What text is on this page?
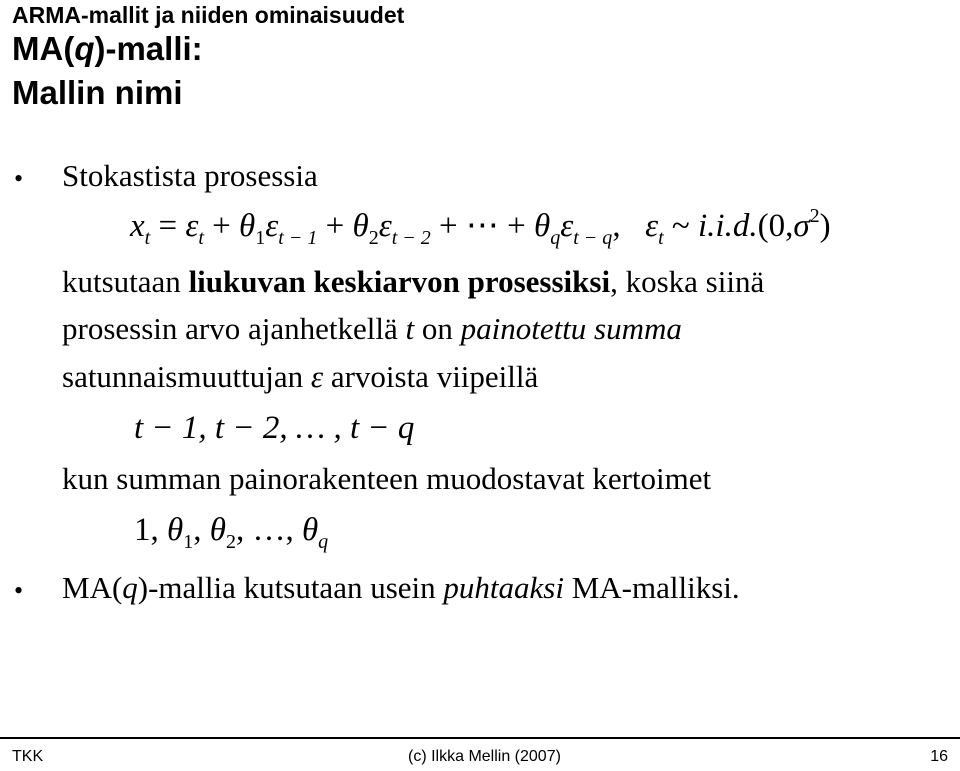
ARMA-mallit ja niiden ominaisuudet
MA(q)-malli:
Mallin nimi
• Stokastista prosessia
$x_t = \varepsilon_t + \theta_1\varepsilon_{t - 1} + \theta_2\varepsilon_{t - 2}$ + ⋯ + $\theta_q\varepsilon_{t - q}$, $\varepsilon_t$ ~ $i.i.d.(0,\sigma^2)$
kutsutaan liukuvan keskiarvon prosessiksi, koska siinä
prosessin arvo ajanhetkellä t on painotettu summa
satunnaismuuttujan ε arvoista viipeillä
t − 1, t − 2, … , t − q
kun summan painorakenteen muodostavat kertoimet
1, $\theta_1$, $\theta_2$, …, $\theta_q$
• MA(q)-mallia kutsutaan usein puhtaaksi MA-malliksi.
TKK	(c) Ilkka Mellin (2007)	16
